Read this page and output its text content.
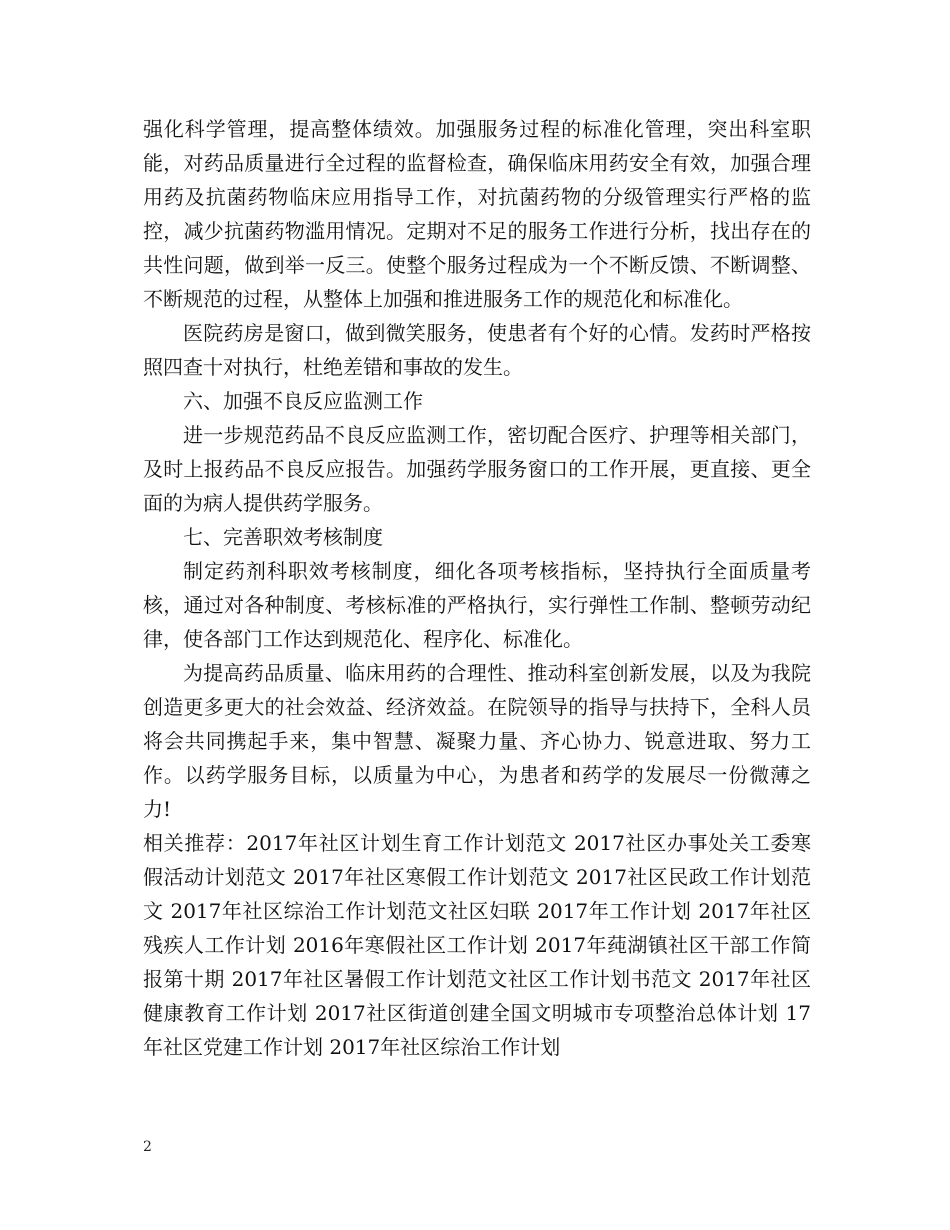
强化科学管理，提高整体绩效。加强服务过程的标准化管理，突出科室职能，对药品质量进行全过程的监督检查，确保临床用药安全有效，加强合理用药及抗菌药物临床应用指导工作，对抗菌药物的分级管理实行严格的监控，减少抗菌药物滥用情况。定期对不足的服务工作进行分析，找出存在的共性问题，做到举一反三。使整个服务过程成为一个不断反馈、不断调整、不断规范的过程，从整体上加强和推进服务工作的规范化和标准化。

医院药房是窗口，做到微笑服务，使患者有个好的心情。发药时严格按照四查十对执行，杜绝差错和事故的发生。

六、加强不良反应监测工作

进一步规范药品不良反应监测工作，密切配合医疗、护理等相关部门，及时上报药品不良反应报告。加强药学服务窗口的工作开展，更直接、更全面的为病人提供药学服务。

七、完善职效考核制度

制定药剂科职效考核制度，细化各项考核指标，坚持执行全面质量考核，通过对各种制度、考核标准的严格执行，实行弹性工作制、整顿劳动纪律，使各部门工作达到规范化、程序化、标准化。

为提高药品质量、临床用药的合理性、推动科室创新发展，以及为我院创造更多更大的社会效益、经济效益。在院领导的指导与扶持下，全科人员将会共同携起手来，集中智慧、凝聚力量、齐心协力、锐意进取、努力工作。以药学服务目标，以质量为中心，为患者和药学的发展尽一份微薄之力!

相关推荐：2017年社区计划生育工作计划范文 2017社区办事处关工委寒假活动计划范文 2017年社区寒假工作计划范文 2017社区民政工作计划范文 2017年社区综治工作计划范文社区妇联 2017年工作计划 2017年社区残疾人工作计划 2016年寒假社区工作计划 2017年莼湖镇社区干部工作简报第十期 2017年社区暑假工作计划范文社区工作计划书范文 2017年社区健康教育工作计划 2017社区街道创建全国文明城市专项整治总体计划 17年社区党建工作计划 2017年社区综治工作计划

2
